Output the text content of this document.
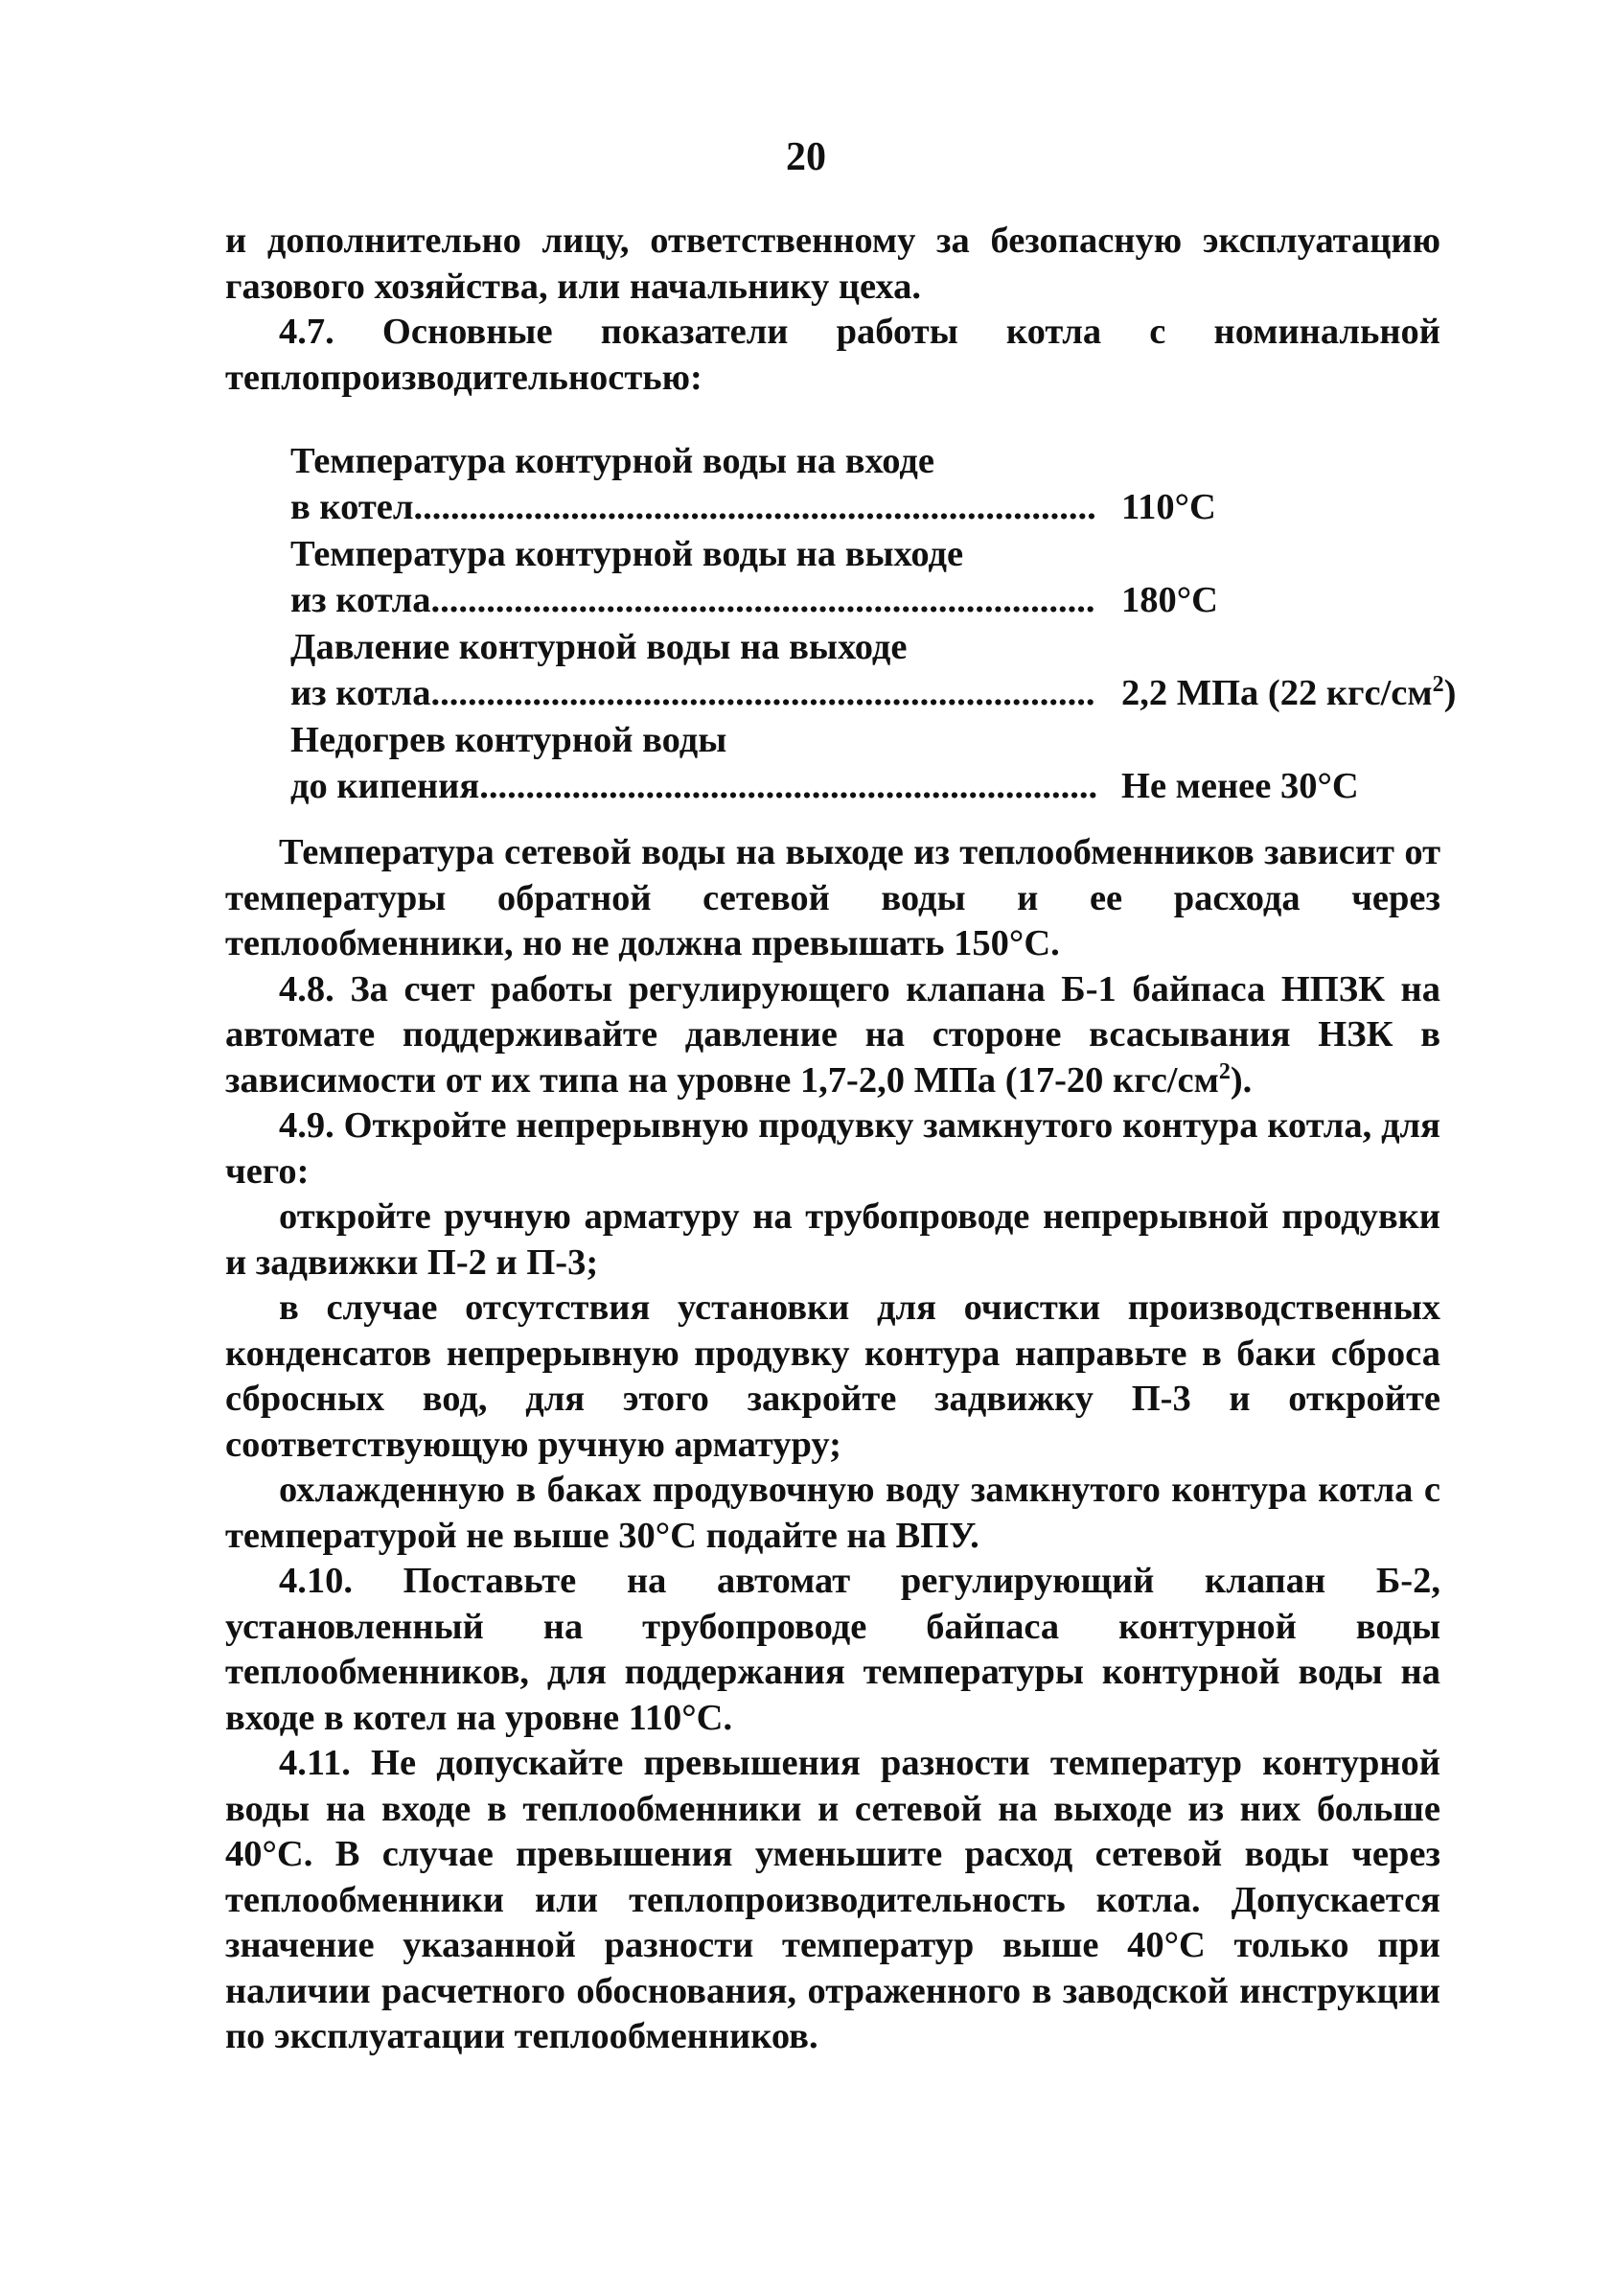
20

и дополнительно лицу, ответственному за безопасную эксплуатацию газового хозяйства, или начальнику цеха.

4.7. Основные показатели работы котла с номинальной теплопроизводительностью:

Температура контурной воды на входе
в котел.......................................................................... 110°C
Температура контурной воды на выходе
из котла........................................................................ 180°C
Давление контурной воды на выходе
из котла........................................................................ 2,2 МПа (22 кгс/$см^2$)
Недогрев контурной воды
до кипения................................................................... Не менее 30°C

Температура сетевой воды на выходе из теплообменников зависит от температуры обратной сетевой воды и ее расхода через теплообменники, но не должна превышать 150°С.

4.8. За счет работы регулирующего клапана Б-1 байпаса НПЗК на автомате поддерживайте давление на стороне всасывания НЗК в зависимости от их типа на уровне 1,7-2,0 МПа (17-20 кгс/$см^2$).

4.9. Откройте непрерывную продувку замкнутого контура котла, для чего:

откройте ручную арматуру на трубопроводе непрерывной продувки и задвижки П-2 и П-3;

в случае отсутствия установки для очистки производственных конденсатов непрерывную продувку контура направьте в баки сброса сбросных вод, для этого закройте задвижку П-3 и откройте соответствующую ручную арматуру;

охлажденную в баках продувочную воду замкнутого контура котла с температурой не выше 30°С подайте на ВПУ.

4.10. Поставьте на автомат регулирующий клапан Б-2, установленный на трубопроводе байпаса контурной воды теплообменников, для поддержания температуры контурной воды на входе в котел на уровне 110°С.

4.11. Не допускайте превышения разности температур контурной воды на входе в теплообменники и сетевой на выходе из них больше 40°С. В случае превышения уменьшите расход сетевой воды через теплообменники или теплопроизводительность котла. Допускается значение указанной разности температур выше 40°С только при наличии расчетного обоснования, отраженного в заводской инструкции по эксплуатации теплообменников.
